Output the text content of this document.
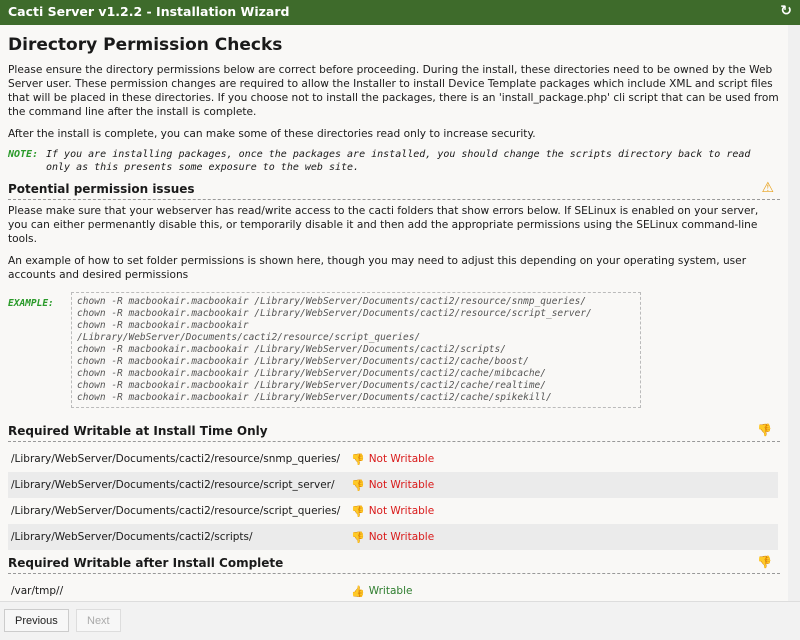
Cacti Server v1.2.2 - Installation Wizard	↻
Directory Permission Checks

Please ensure the directory permissions below are correct before proceeding. During the install, these directories need to be owned by the Web Server user. These permission changes are required to allow the Installer to install Device Template packages which include XML and script files that will be placed in these directories. If you choose not to install the packages, there is an 'install_package.php' cli script that can be used from the command line after the install is complete.

After the install is complete, you can make some of these directories read only to increase security.

NOTE: If you are installing packages, once the packages are installed, you should change the scripts directory back to read only as this presents some exposure to the web site.
Potential permission issues	⚠

Please make sure that your webserver has read/write access to the cacti folders that show errors below. If SELinux is enabled on your server, you can either permenantly disable this, or temporarily disable it and then add the appropriate permissions using the SELinux command-line tools.

An example of how to set folder permissions is shown here, though you may need to adjust this depending on your operating system, user accounts and desired permissions

EXAMPLE:	chown -R macbookair.macbookair /Library/WebServer/Documents/cacti2/resource/snmp_queries/
chown -R macbookair.macbookair /Library/WebServer/Documents/cacti2/resource/script_server/
chown -R macbookair.macbookair
/Library/WebServer/Documents/cacti2/resource/script_queries/
chown -R macbookair.macbookair /Library/WebServer/Documents/cacti2/scripts/
chown -R macbookair.macbookair /Library/WebServer/Documents/cacti2/cache/boost/
chown -R macbookair.macbookair /Library/WebServer/Documents/cacti2/cache/mibcache/
chown -R macbookair.macbookair /Library/WebServer/Documents/cacti2/cache/realtime/
chown -R macbookair.macbookair /Library/WebServer/Documents/cacti2/cache/spikekill/
Required Writable at Install Time Only	👎
/Library/WebServer/Documents/cacti2/resource/snmp_queries/	👎 Not Writable
/Library/WebServer/Documents/cacti2/resource/script_server/	👎 Not Writable
/Library/WebServer/Documents/cacti2/resource/script_queries/ 👎 Not Writable
/Library/WebServer/Documents/cacti2/scripts/	👎 Not Writable
Required Writable after Install Complete	👎
/var/tmp//	👍 Writable
Previous	Next
